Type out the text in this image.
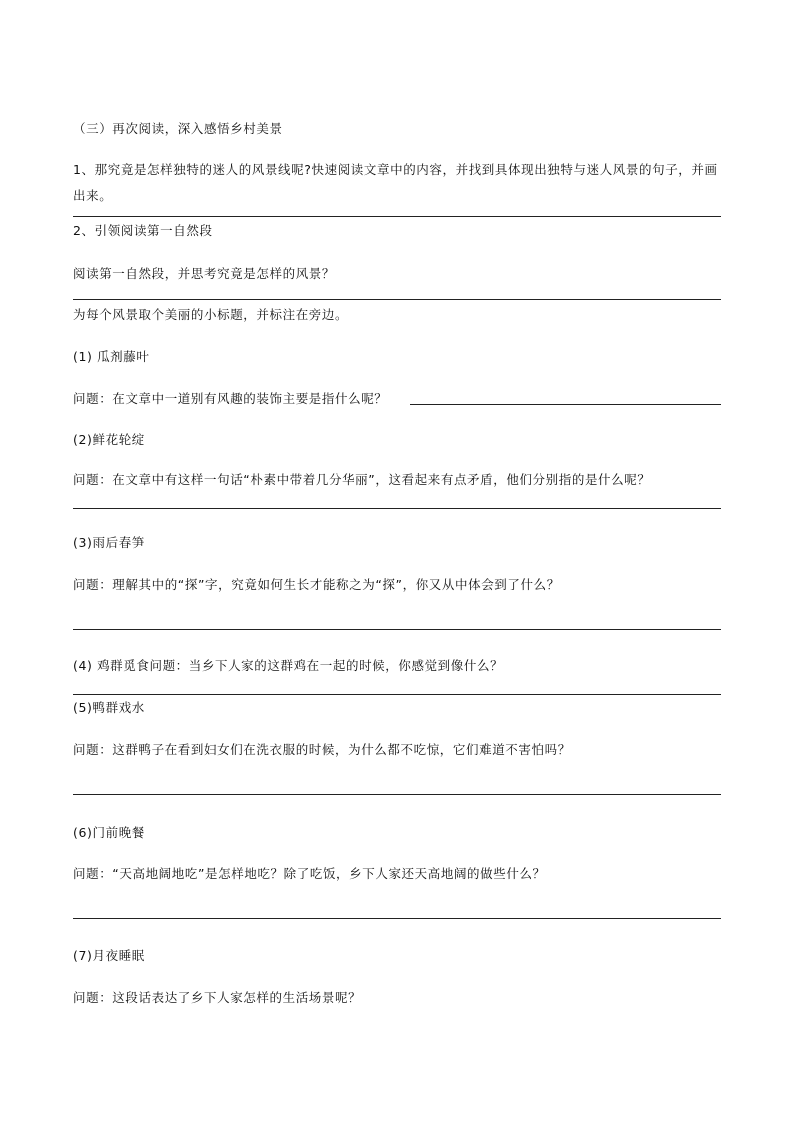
（三）再次阅读，深入感悟乡村美景
1、那究竟是怎样独特的迷人的风景线呢?快速阅读文章中的内容，并找到具体现出独特与迷人风景的句子，并画出来。
2、引领阅读第一自然段
阅读第一自然段，并思考究竟是怎样的风景？
为每个风景取个美丽的小标题，并标注在旁边。
(1) 瓜剂藤叶
问题：在文章中一道别有风趣的装饰主要是指什么呢？
(2)鲜花轮绽
问题：在文章中有这样一句话“朴素中带着几分华丽”，这看起来有点矛盾，他们分别指的是什么呢？
(3)雨后春笋
问题：理解其中的“探”字，究竟如何生长才能称之为“探”，你又从中体会到了什么？
(4) 鸡群觅食问题：当乡下人家的这群鸡在一起的时候，你感觉到像什么？
(5)鸭群戏水
问题：这群鸭子在看到妇女们在洗衣服的时候，为什么都不吃惊，它们难道不害怕吗？
(6)门前晚餐
问题：“天高地阔地吃”是怎样地吃？除了吃饭，乡下人家还天高地阔的做些什么？
(7)月夜睡眠
问题：这段话表达了乡下人家怎样的生活场景呢？
